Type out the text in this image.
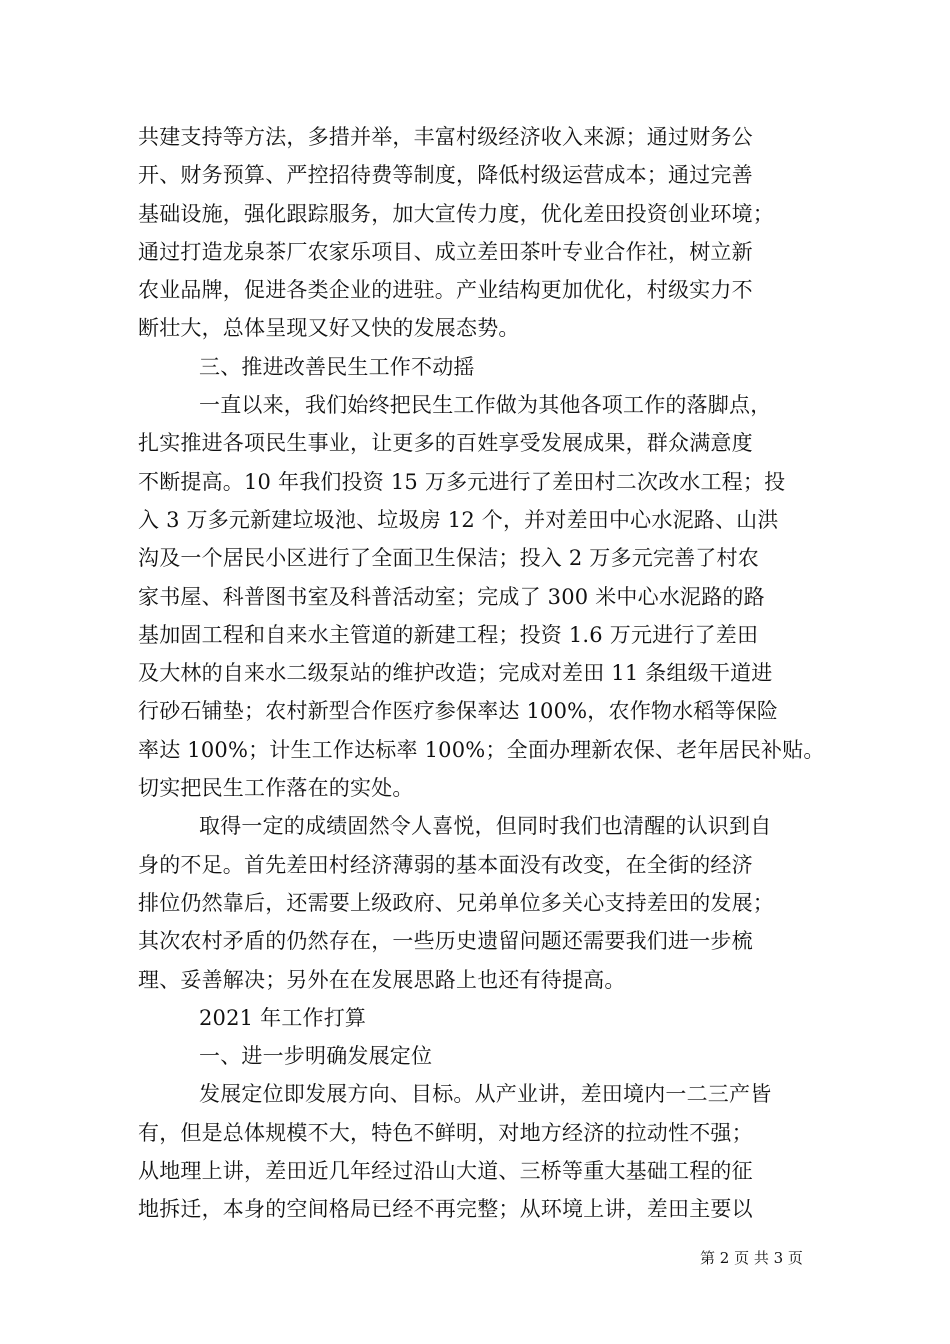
共建支持等方法，多措并举，丰富村级经济收入来源；通过财务公
开、财务预算、严控招待费等制度，降低村级运营成本；通过完善
基础设施，强化跟踪服务，加大宣传力度，优化差田投资创业环境；
通过打造龙泉茶厂农家乐项目、成立差田茶叶专业合作社，树立新
农业品牌，促进各类企业的进驻。产业结构更加优化，村级实力不
断壮大，总体呈现又好又快的发展态势。
三、推进改善民生工作不动摇
一直以来，我们始终把民生工作做为其他各项工作的落脚点，
扎实推进各项民生事业，让更多的百姓享受发展成果，群众满意度
不断提高。10 年我们投资 15 万多元进行了差田村二次改水工程；投
入 3 万多元新建垃圾池、垃圾房 12 个，并对差田中心水泥路、山洪
沟及一个居民小区进行了全面卫生保洁；投入 2 万多元完善了村农
家书屋、科普图书室及科普活动室；完成了 300 米中心水泥路的路
基加固工程和自来水主管道的新建工程；投资 1.6 万元进行了差田
及大林的自来水二级泵站的维护改造；完成对差田 11 条组级干道进
行砂石铺垫；农村新型合作医疗参保率达 100%，农作物水稻等保险
率达 100%；计生工作达标率 100%；全面办理新农保、老年居民补贴。
切实把民生工作落在的实处。
取得一定的成绩固然令人喜悦，但同时我们也清醒的认识到自
身的不足。首先差田村经济薄弱的基本面没有改变，在全街的经济
排位仍然靠后，还需要上级政府、兄弟单位多关心支持差田的发展；
其次农村矛盾的仍然存在，一些历史遗留问题还需要我们进一步梳
理、妥善解决；另外在在发展思路上也还有待提高。
2021 年工作打算
一、进一步明确发展定位
发展定位即发展方向、目标。从产业讲，差田境内一二三产皆
有，但是总体规模不大，特色不鲜明，对地方经济的拉动性不强；
从地理上讲，差田近几年经过沿山大道、三桥等重大基础工程的征
地拆迁，本身的空间格局已经不再完整；从环境上讲，差田主要以
第 2 页 共 3 页
